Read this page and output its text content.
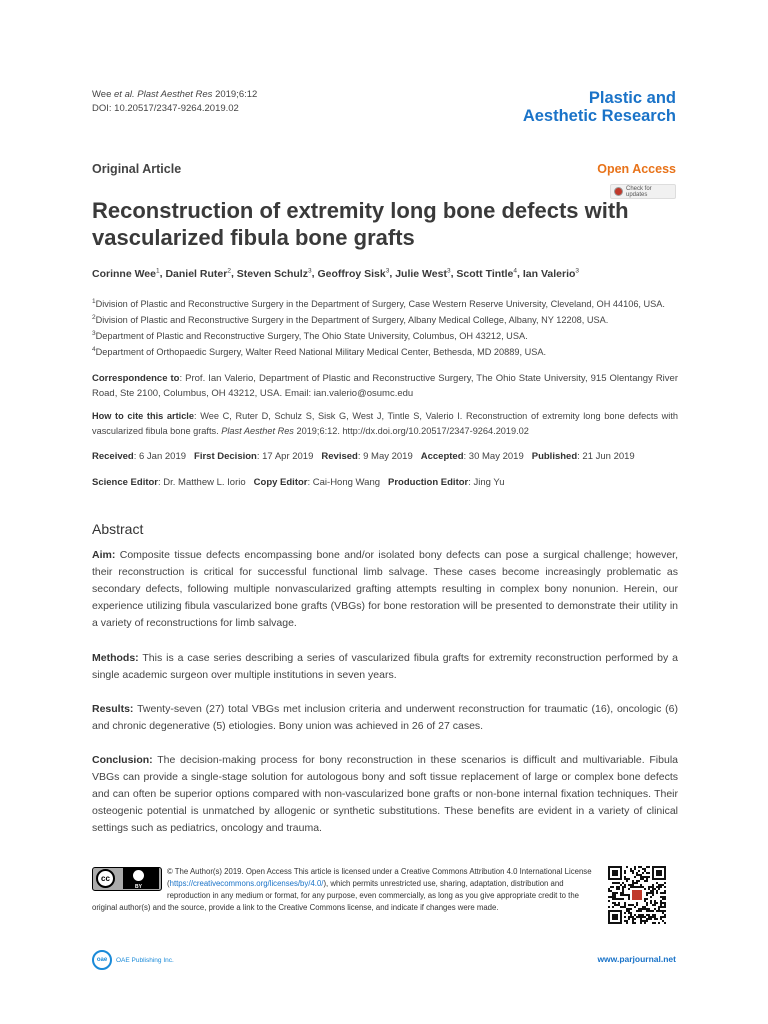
Wee et al. Plast Aesthet Res 2019;6:12
DOI: 10.20517/2347-9264.2019.02
Plastic and
Aesthetic Research
Original Article	Open Access
Check for updates
Reconstruction of extremity long bone defects with vascularized fibula bone grafts
Corinne Wee$^1$, Daniel Ruter$^2$, Steven Schulz$^3$, Geoffroy Sisk$^3$, Julie West$^3$, Scott Tintle$^4$, Ian Valerio$^3$
$^1$Division of Plastic and Reconstructive Surgery in the Department of Surgery, Case Western Reserve University, Cleveland, OH 44106, USA.
$^2$Division of Plastic and Reconstructive Surgery in the Department of Surgery, Albany Medical College, Albany, NY 12208, USA.
$^3$Department of Plastic and Reconstructive Surgery, The Ohio State University, Columbus, OH 43212, USA.
$^4$Department of Orthopaedic Surgery, Walter Reed National Military Medical Center, Bethesda, MD 20889, USA.
Correspondence to: Prof. Ian Valerio, Department of Plastic and Reconstructive Surgery, The Ohio State University, 915 Olentangy River Road, Ste 2100, Columbus, OH 43212, USA. Email: ian.valerio@osumc.edu
How to cite this article: Wee C, Ruter D, Schulz S, Sisk G, West J, Tintle S, Valerio I. Reconstruction of extremity long bone defects with vascularized fibula bone grafts. Plast Aesthet Res 2019;6:12. http://dx.doi.org/10.20517/2347-9264.2019.02
Received: 6 Jan 2019 First Decision: 17 Apr 2019 Revised: 9 May 2019 Accepted: 30 May 2019 Published: 21 Jun 2019
Science Editor: Dr. Matthew L. Iorio Copy Editor: Cai-Hong Wang Production Editor: Jing Yu
Abstract
Aim: Composite tissue defects encompassing bone and/or isolated bony defects can pose a surgical challenge; however, their reconstruction is critical for successful functional limb salvage. These cases become increasingly problematic as secondary defects, following multiple nonvascularized grafting attempts resulting in complex bony nonunion. Herein, our experience utilizing fibula vascularized bone grafts (VBGs) for bone restoration will be presented to demonstrate their utility in a variety of reconstructions for limb salvage.
Methods: This is a case series describing a series of vascularized fibula grafts for extremity reconstruction performed by a single academic surgeon over multiple institutions in seven years.
Results: Twenty-seven (27) total VBGs met inclusion criteria and underwent reconstruction for traumatic (16), oncologic (6) and chronic degenerative (5) etiologies. Bony union was achieved in 26 of 27 cases.
Conclusion: The decision-making process for bony reconstruction in these scenarios is difficult and multivariable. Fibula VBGs can provide a single-stage solution for autologous bony and soft tissue replacement of large or complex bone defects and can often be superior options compared with non-vascularized bone grafts or non-bone internal fixation techniques. Their osteogenic potential is unmatched by allogenic or synthetic substitutions. These benefits are evident in a variety of clinical settings such as pediatrics, oncology and trauma.
cc
BY
© The Author(s) 2019. Open Access This article is licensed under a Creative Commons Attribution 4.0 International License (https://creativecommons.org/licenses/by/4.0/), which permits unrestricted use, sharing, adaptation, distribution and reproduction in any medium or format, for any purpose, even commercially, as long as you give appropriate credit to the original author(s) and the source, provide a link to the Creative Commons license, and indicate if changes were made.
oae	OAE Publishing Inc.	www.parjournal.net
